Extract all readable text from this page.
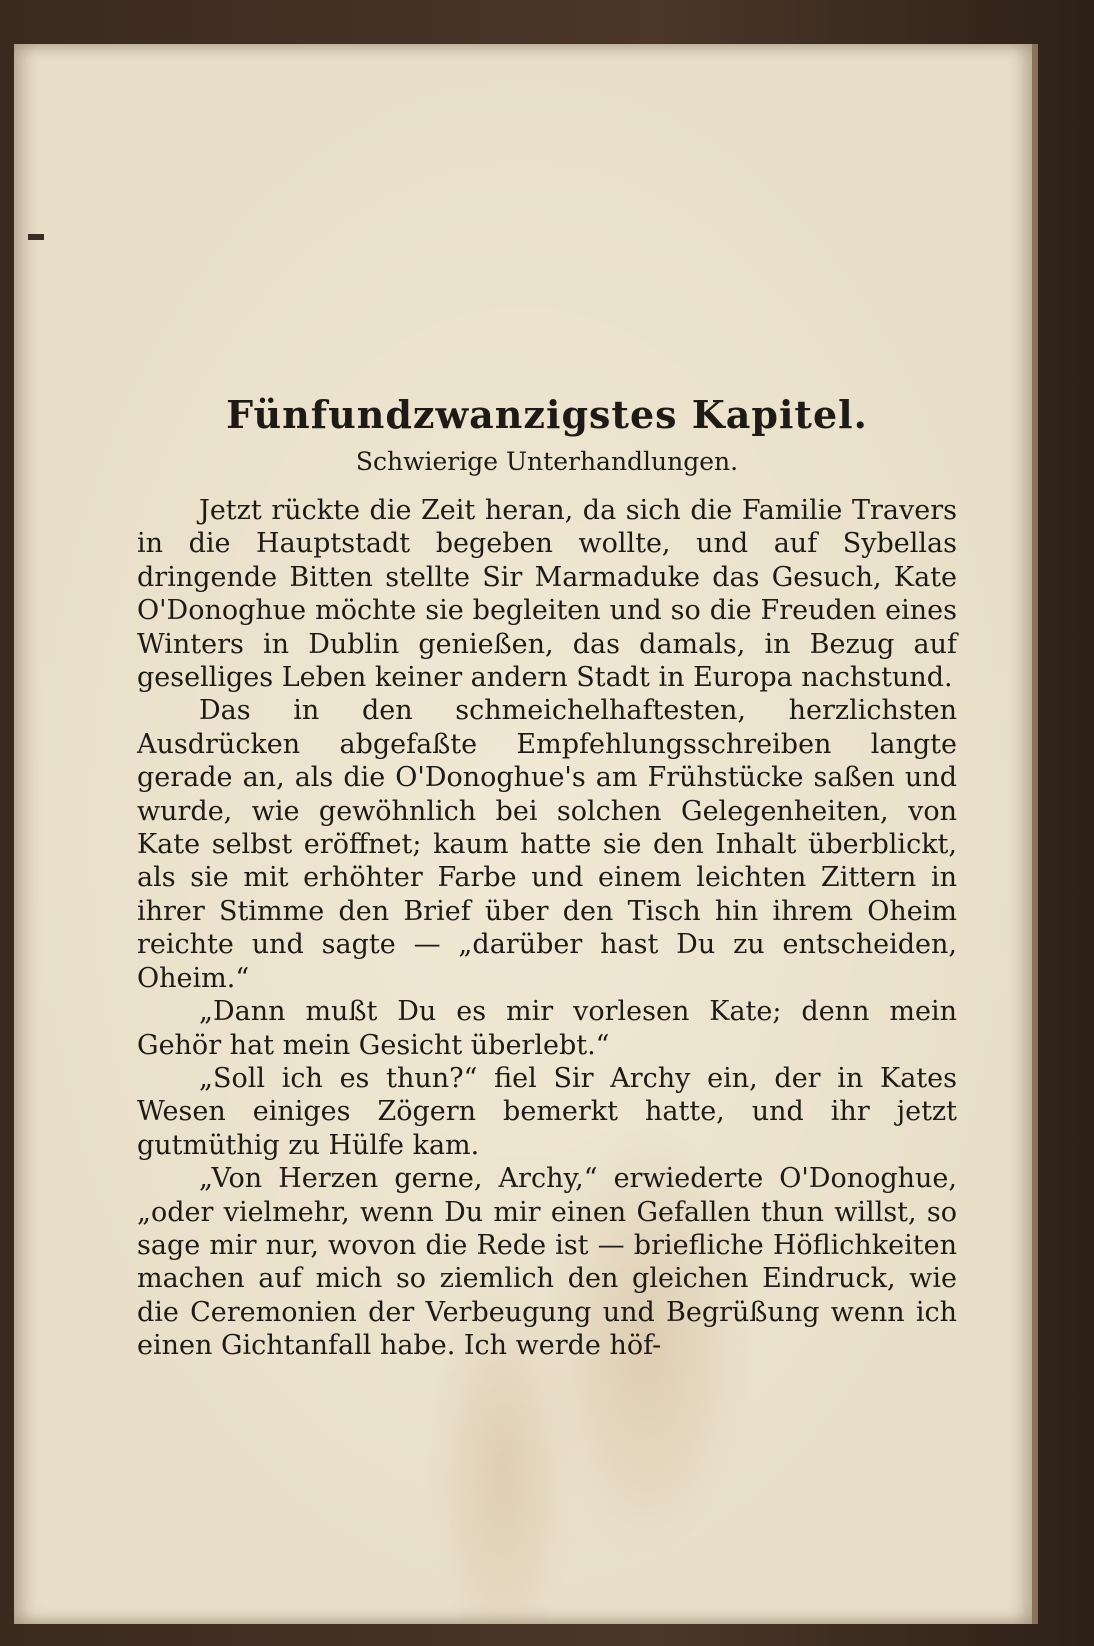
Fünfundzwanzigstes Kapitel.
Schwierige Unterhandlungen.

Jetzt rückte die Zeit heran, da sich die Familie Travers in die Hauptstadt begeben wollte, und auf Sybellas dringende Bitten stellte Sir Marmaduke das Gesuch, Kate O'Donoghue möchte sie begleiten und so die Freuden eines Winters in Dublin genießen, das damals, in Bezug auf geselliges Leben keiner andern Stadt in Europa nachstund.

Das in den schmeichelhaftesten, herzlichsten Ausdrücken abgefaßte Empfehlungsschreiben langte gerade an, als die O'Donoghue's am Frühstücke saßen und wurde, wie gewöhnlich bei solchen Gelegenheiten, von Kate selbst eröffnet; kaum hatte sie den Inhalt überblickt, als sie mit erhöhter Farbe und einem leichten Zittern in ihrer Stimme den Brief über den Tisch hin ihrem Oheim reichte und sagte — „darüber hast Du zu entscheiden, Oheim.“

„Dann mußt Du es mir vorlesen Kate; denn mein Gehör hat mein Gesicht überlebt.“

„Soll ich es thun?“ fiel Sir Archy ein, der in Kates Wesen einiges Zögern bemerkt hatte, und ihr jetzt gutmüthig zu Hülfe kam.

„Von Herzen gerne, Archy,“ erwiederte O'Donoghue, „oder vielmehr, wenn Du mir einen Gefallen thun willst, so sage mir nur, wovon die Rede ist — briefliche Höflichkeiten machen auf mich so ziemlich den gleichen Eindruck, wie die Ceremonien der Verbeugung und Begrüßung wenn ich einen Gichtanfall habe. Ich werde höf-
